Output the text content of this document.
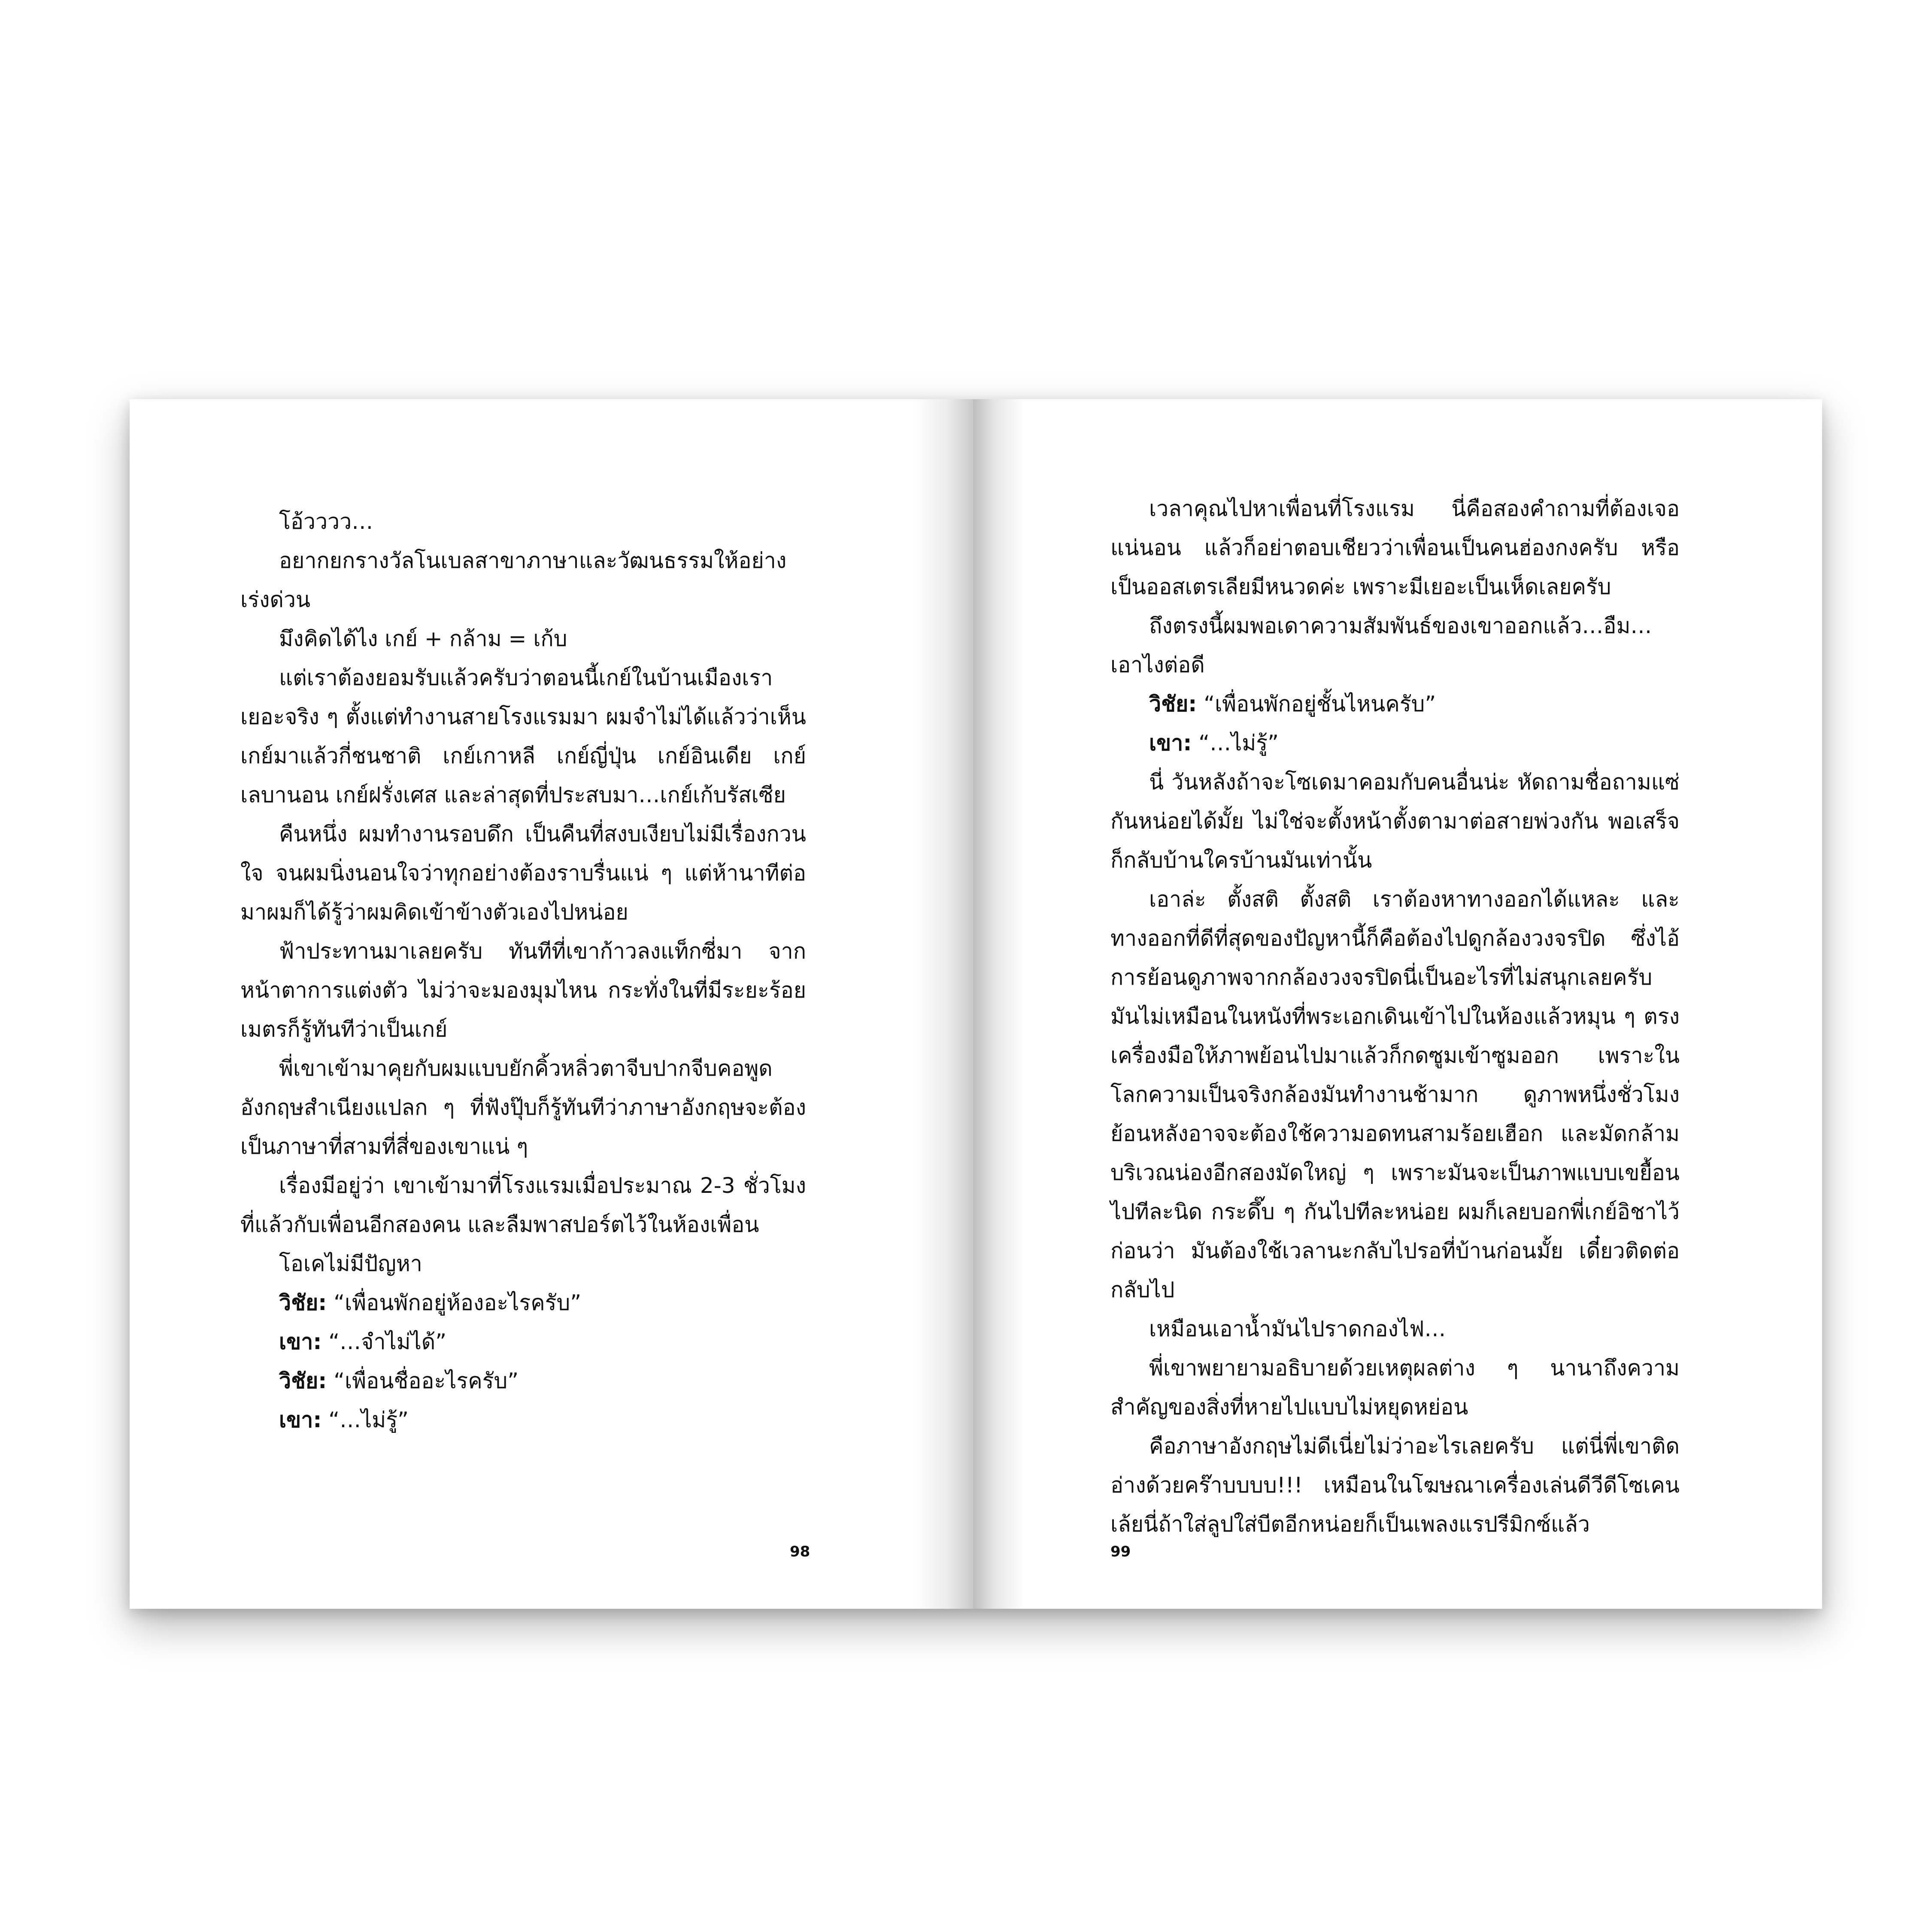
โอ้วววว…

อยากยกรางวัลโนเบลสาขาภาษาและวัฒนธรรมให้อย่างเร่งด่วน

มึงคิดได้ไง เกย์ + กล้าม = เก้บ

แต่เราต้องยอมรับแล้วครับว่าตอนนี้เกย์ในบ้านเมืองเราเยอะจริง ๆ ตั้งแต่ทำงานสายโรงแรมมา ผมจำไม่ได้แล้วว่าเห็นเกย์มาแล้วกี่ชนชาติ เกย์เกาหลี เกย์ญี่ปุ่น เกย์อินเดีย เกย์เลบานอน เกย์ฝรั่งเศส และล่าสุดที่ประสบมา…เกย์เก้บรัสเซีย

คืนหนึ่ง ผมทำงานรอบดึก เป็นคืนที่สงบเงียบไม่มีเรื่องกวนใจ จนผมนิ่งนอนใจว่าทุกอย่างต้องราบรื่นแน่ ๆ แต่ห้านาทีต่อมาผมก็ได้รู้ว่าผมคิดเข้าข้างตัวเองไปหน่อย

ฟ้าประทานมาเลยครับ ทันทีที่เขาก้าวลงแท็กซี่มา จากหน้าตาการแต่งตัว ไม่ว่าจะมองมุมไหน กระทั่งในที่มีระยะร้อยเมตรก็รู้ทันทีว่าเป็นเกย์

พี่เขาเข้ามาคุยกับผมแบบยักคิ้วหลิ่วตาจีบปากจีบคอพูดอังกฤษสำเนียงแปลก ๆ ที่ฟังปุ๊บก็รู้ทันทีว่าภาษาอังกฤษจะต้องเป็นภาษาที่สามที่สี่ของเขาแน่ ๆ

เรื่องมีอยู่ว่า เขาเข้ามาที่โรงแรมเมื่อประมาณ 2-3 ชั่วโมงที่แล้วกับเพื่อนอีกสองคน และลืมพาสปอร์ตไว้ในห้องเพื่อน

โอเคไม่มีปัญหา

วิชัย: “เพื่อนพักอยู่ห้องอะไรครับ”

เขา: “…จำไม่ได้”

วิชัย: “เพื่อนชื่ออะไรครับ”

เขา: “…ไม่รู้”

98

เวลาคุณไปหาเพื่อนที่โรงแรม นี่คือสองคำถามที่ต้องเจอแน่นอน แล้วก็อย่าตอบเชียวว่าเพื่อนเป็นคนฮ่องกงครับ หรือเป็นออสเตรเลียมีหนวดค่ะ เพราะมีเยอะเป็นเห็ดเลยครับ

ถึงตรงนี้ผมพอเดาความสัมพันธ์ของเขาออกแล้ว…อืม…เอาไงต่อดี

วิชัย: “เพื่อนพักอยู่ชั้นไหนครับ”

เขา: “…ไม่รู้”

นี่ วันหลังถ้าจะโซเดมาคอมกับคนอื่นน่ะ หัดถามชื่อถามแซ่กันหน่อยได้มั้ย ไม่ใช่จะตั้งหน้าตั้งตามาต่อสายพ่วงกัน พอเสร็จก็กลับบ้านใครบ้านมันเท่านั้น

เอาล่ะ ตั้งสติ ตั้งสติ เราต้องหาทางออกได้แหละ และทางออกที่ดีที่สุดของปัญหานี้ก็คือต้องไปดูกล้องวงจรปิด ซึ่งไอ้การย้อนดูภาพจากกล้องวงจรปิดนี่เป็นอะไรที่ไม่สนุกเลยครับ มันไม่เหมือนในหนังที่พระเอกเดินเข้าไปในห้องแล้วหมุน ๆ ตรงเครื่องมือให้ภาพย้อนไปมาแล้วก็กดซูมเข้าซูมออก เพราะในโลกความเป็นจริงกล้องมันทำงานช้ามาก ดูภาพหนึ่งชั่วโมงย้อนหลังอาจจะต้องใช้ความอดทนสามร้อยเฮือก และมัดกล้ามบริเวณน่องอีกสองมัดใหญ่ ๆ เพราะมันจะเป็นภาพแบบเขยื้อนไปทีละนิด กระดึ๊บ ๆ กันไปทีละหน่อย ผมก็เลยบอกพี่เกย์อิชาไว้ก่อนว่า มันต้องใช้เวลานะกลับไปรอที่บ้านก่อนมั้ย เดี๋ยวติดต่อกลับไป

เหมือนเอาน้ำมันไปราดกองไฟ…

พี่เขาพยายามอธิบายด้วยเหตุผลต่าง ๆ นานาถึงความสำคัญของสิ่งที่หายไปแบบไม่หยุดหย่อน

คือภาษาอังกฤษไม่ดีเนี่ยไม่ว่าอะไรเลยครับ แต่นี่พี่เขาติดอ่างด้วยคร๊าบบบบ!!! เหมือนในโฆษณาเครื่องเล่นดีวีดีโซเคนเล้ยนี่ถ้าใส่ลูปใส่บีตอีกหน่อยก็เป็นเพลงแรปรีมิกซ์แล้ว

99
